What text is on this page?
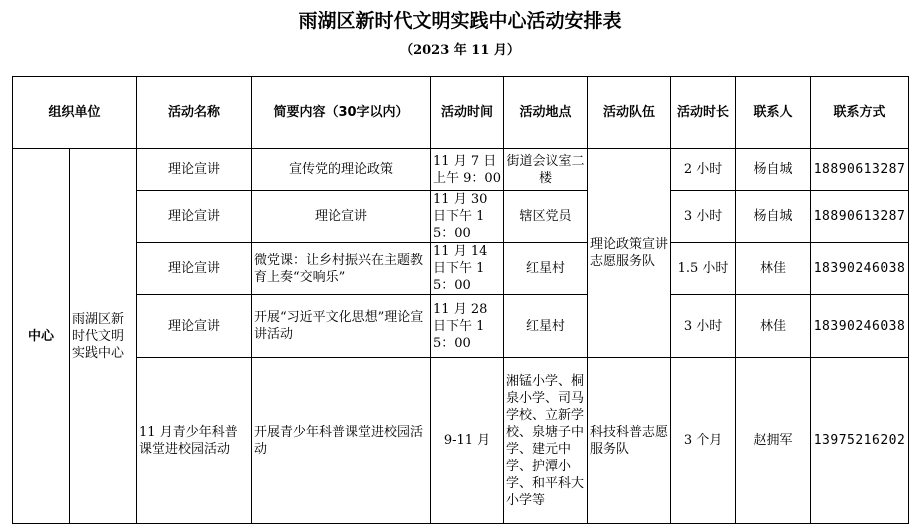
雨湖区新时代文明实践中心活动安排表
（2023 年 11 月）
组织单位		活动名称	简要内容（30字以内）	活动时间	活动地点	活动队伍	活动时长	联系人	联系方式
中心	雨湖区新时代文明实践中心	理论宣讲	宣传党的理论政策	11 月 7 日上午 9：00	街道会议室二楼	理论政策宣讲志愿服务队	2 小时	杨自城	18890613287
		理论宣讲	理论宣讲	11 月 30 日下午 15：00	辖区党员		3 小时	杨自城	18890613287
		理论宣讲	微党课：让乡村振兴在主题教育上奏“交响乐”	11 月 14 日下午 15：00	红星村		1.5 小时	林佳	18390246038
		理论宣讲	开展“习近平文化思想”理论宣讲活动	11 月 28 日下午 15：00	红星村		3 小时	林佳	18390246038
		11 月青少年科普课堂进校园活动	开展青少年科普课堂进校园活动	9-11 月	湘锰小学、桐泉小学、司马学校、立新学校、泉塘子中学、建元中学、护潭小学、和平科大小学等	科技科普志愿服务队	3 个月	赵拥军	13975216202
